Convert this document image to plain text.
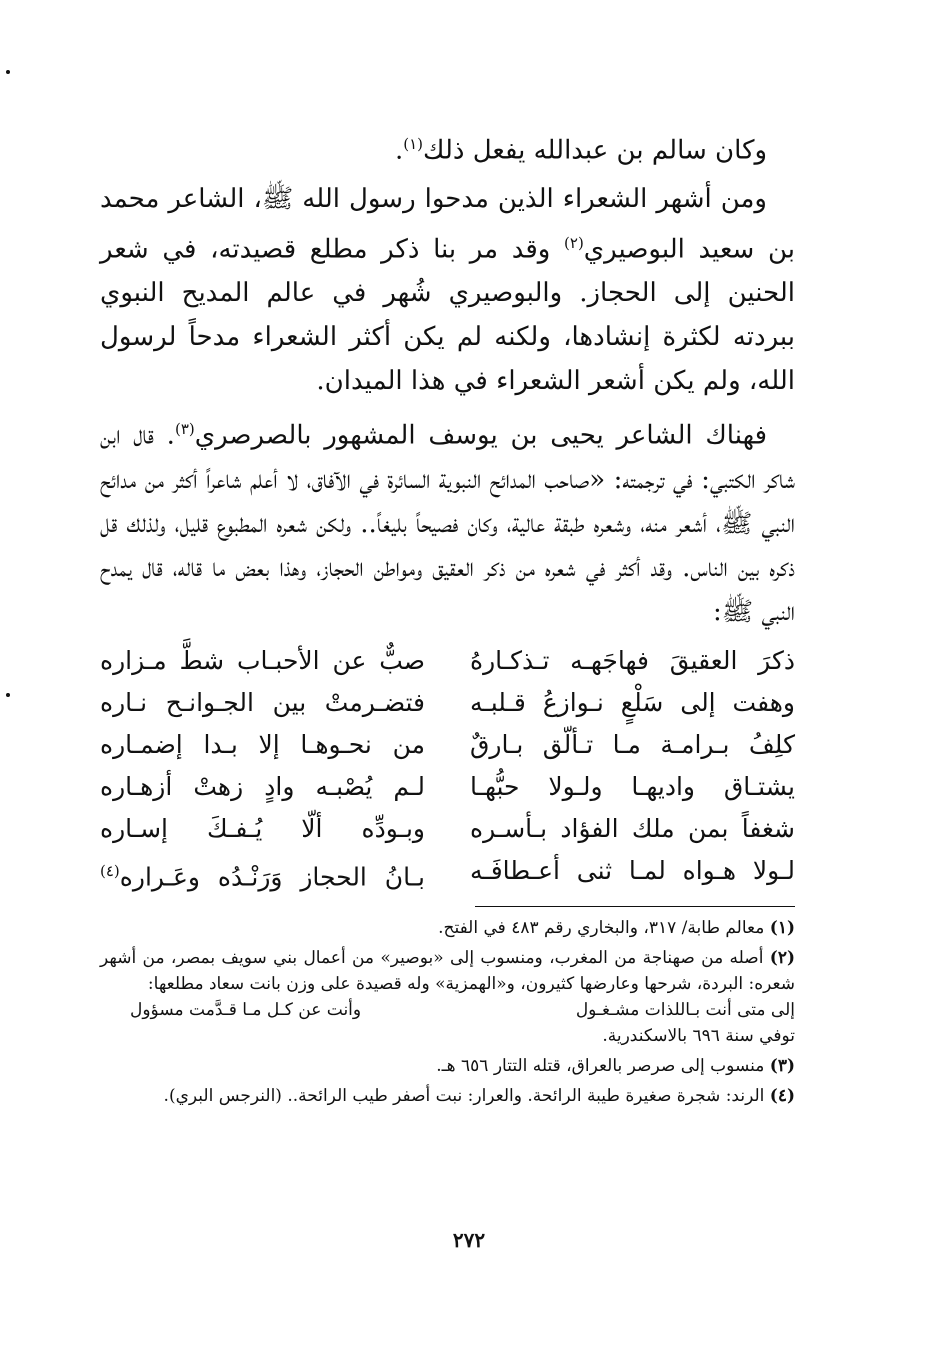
وكان سالم بن عبدالله يفعل ذلك$^{(١)}$.

ومن أشهر الشعراء الذين مدحوا رسول الله ﷺ، الشاعر محمد بن سعيد البوصيري$^{(٢)}$ وقد مر بنا ذكر مطلع قصيدته، في شعر الحنين إلى الحجاز. والبوصيري شُهر في عالم المديح النبوي ببردته لكثرة إنشادها، ولكنه لم يكن أكثر الشعراء مدحاً لرسول الله، ولم يكن أشعر الشعراء في هذا الميدان.

فهناك الشاعر يحيى بن يوسف المشهور بالصرصري$^{(٣)}$. قال ابن شاكر الكتبي: في ترجمته: «صاحب المدائح النبوية السائرة في الآفاق، لا أعلم شاعراً أكثر من مدائح النبي ﷺ، أشعر منه، وشعره طبقة عالية، وكان فصيحاً بليغاً.. ولكن شعره المطبوع قليل، ولذلك قل ذكره بين الناس. وقد أكثر في شعره من ذكر العقيق ومواطن الحجاز، وهذا بعض ما قاله، قال يمدح النبي ﷺ:

ذكرَ العقيقَ فهاجَهـه تـذكـارهُ
صبٌّ عن الأحبـاب شطَّ مـزاره
وهفت إلى سَلْعٍ نـوازعُ قـلبـه
فتضـرمتْ بين الجـوانـح نـاره
كلِفُ بـرامـة مـا تـألّق بـارقٌ
من نحـوهـا إلا بـدا إضمـاره
يشتـاق واديهـا ولـولا حبُّهـا
لـم يُصْبـه وادٍ زهتْ أزهـاره
شغفاً بمن ملك الفؤاد بـأسـره
وبـودِّه ألّا يُـفـكَ إسـاره
لـولا هـواه لمـا ثنى أعـطافَـه
بـانُ الحجاز وَرَنْـدُه وعَـراره$^{(٤)}$
(١) معالم طابة/ ٣١٧، والبخاري رقم ٤٨٣ في الفتح.
(٢) أصله من صهناجة من المغرب، ومنسوب إلى «بوصير» من أعمال بني سويف بمصر، من أشهر شعره: البردة، شرحها وعارضها كثيرون، و«الهمزية» وله قصيدة على وزن بانت سعاد مطلعها:
إلى متى أنت بـاللذات مشـغـول
وأنت عن كـل مـا قـدَّمت مسؤول
توفي سنة ٦٩٦ بالاسكندرية.
(٣) منسوب إلى صرصر بالعراق، قتله التتار ٦٥٦ هـ.
(٤) الرند: شجرة صغيرة طيبة الرائحة. والعرار: نبت أصفر طيب الرائحة.. (النرجس البري).
٢٧٢
